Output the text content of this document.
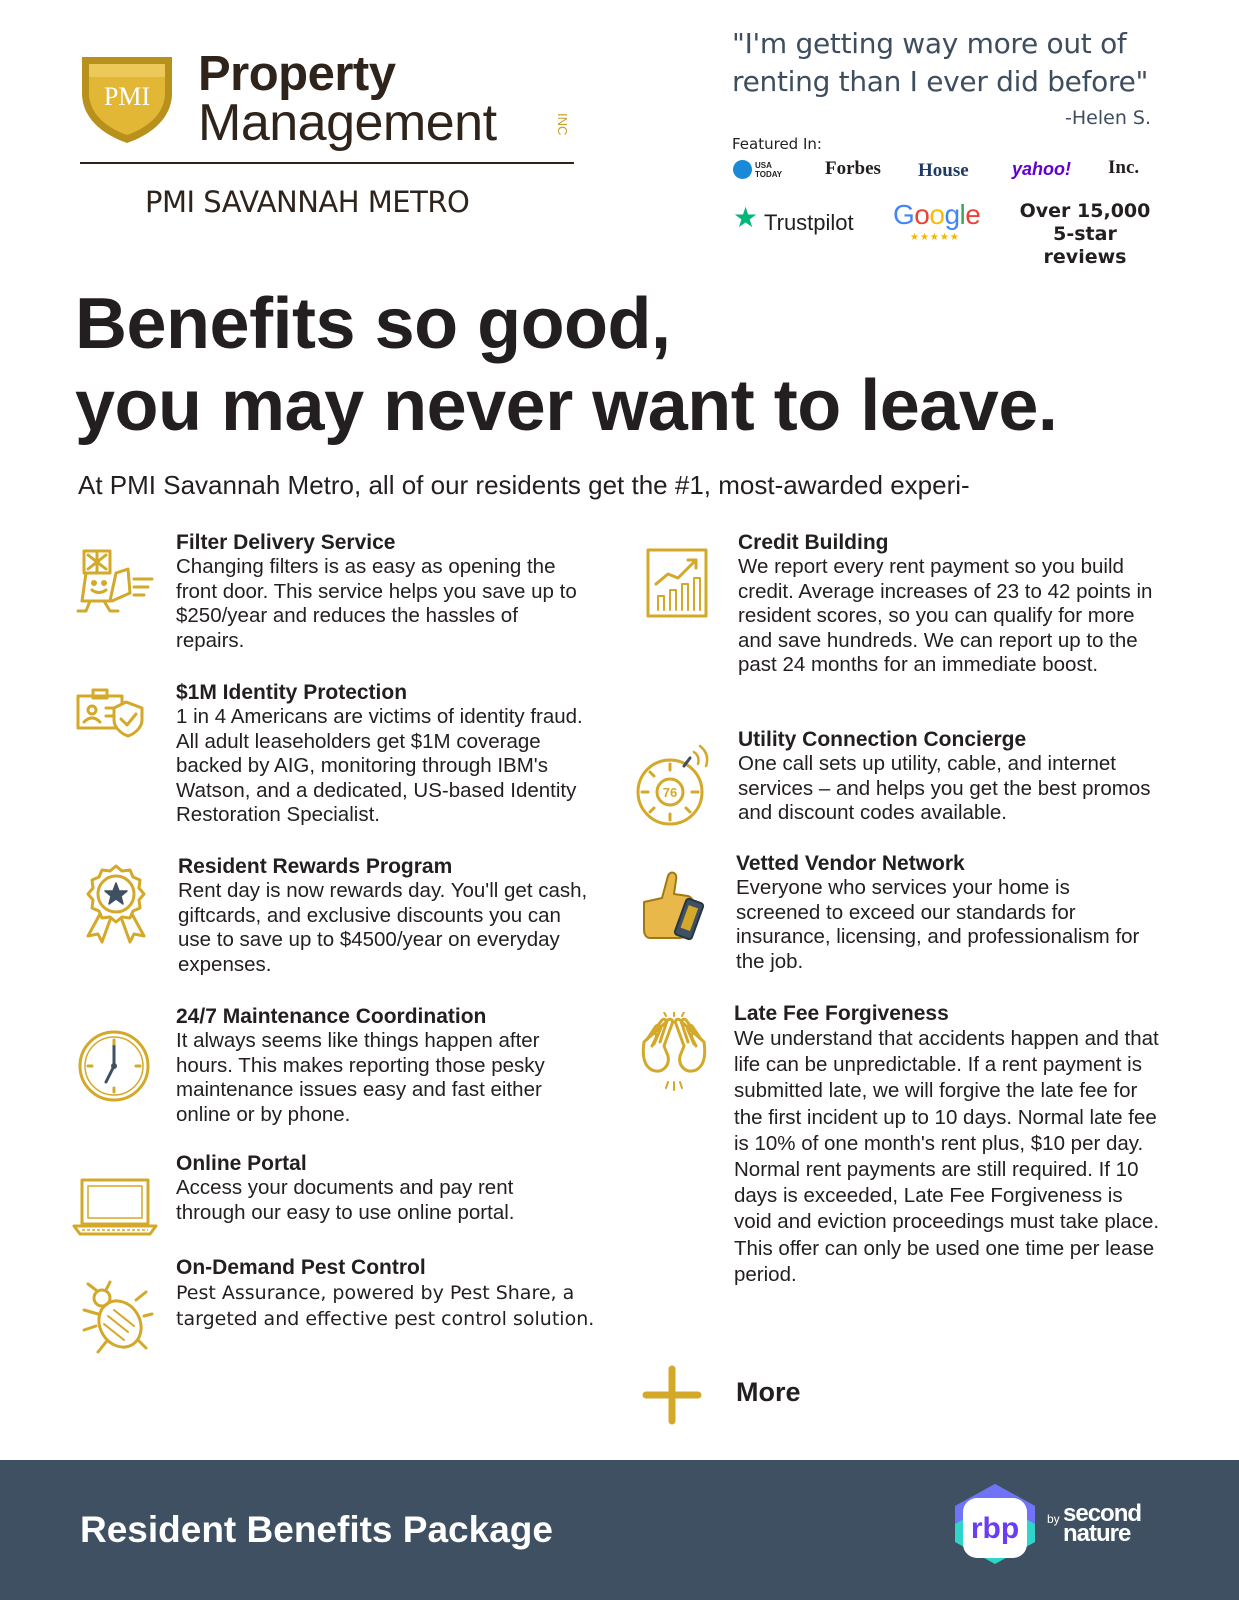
PMI Property
Management	INC
PMI SAVANNAH METRO
"I'm getting way more out of renting than I ever did before"
-Helen S.
Featured In:
USA
TODAY Forbes House yahoo! Inc.
★ Trustpilot Google
★★★★★
Over 15,000 5-star reviews
Benefits so good,
you may never want to leave.
At PMI Savannah Metro, all of our residents get the #1, most-awarded experi-
Filter Delivery Service
Changing filters is as easy as opening the front door. This service helps you save up to $250/year and reduces the hassles of repairs.
$1M Identity Protection
1 in 4 Americans are victims of identity fraud. All adult leaseholders get $1M coverage backed by AIG, monitoring through IBM's Watson, and a dedicated, US-based Identity Restoration Specialist.
Resident Rewards Program
Rent day is now rewards day. You'll get cash, giftcards, and exclusive discounts you can use to save up to $4500/year on everyday expenses.
24/7 Maintenance Coordination
It always seems like things happen after hours. This makes reporting those pesky maintenance issues easy and fast either online or by phone.
Online Portal
Access your documents and pay rent through our easy to use online portal.
On-Demand Pest Control
Pest Assurance, powered by Pest Share, a targeted and effective pest control solution.
Credit Building
We report every rent payment so you build credit. Average increases of 23 to 42 points in resident scores, so you can qualify for more and save hundreds. We can report up to the past 24 months for an immediate boost.
76
Utility Connection Concierge
One call sets up utility, cable, and internet services – and helps you get the best promos and discount codes available.
Vetted Vendor Network
Everyone who services your home is screened to exceed our standards for insurance, licensing, and professionalism for the job.
Late Fee Forgiveness
We understand that accidents happen and that life can be unpredictable. If a rent payment is submitted late, we will forgive the late fee for the first incident up to 10 days. Normal late fee is 10% of one month's rent plus, $10 per day. Normal rent payments are still required. If 10 days is exceeded, Late Fee Forgiveness is void and eviction proceedings must take place. This offer can only be used one time per lease period.
More
Resident Benefits Package	rbp by second
nature
